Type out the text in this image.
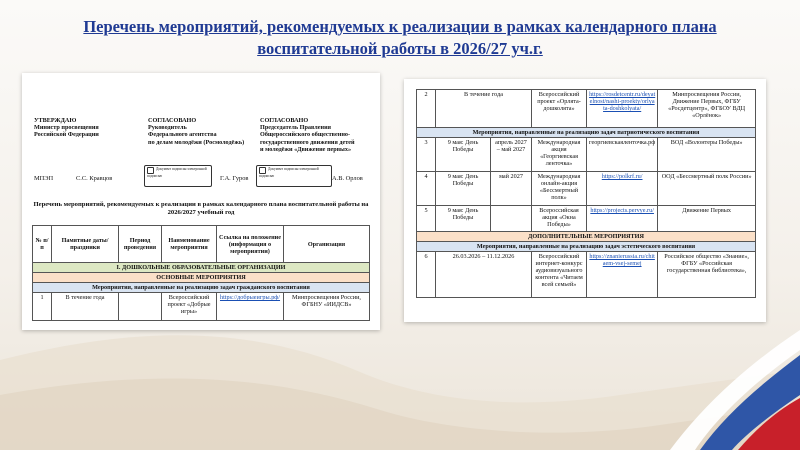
Перечень мероприятий, рекомендуемых к реализации в рамках календарного плана воспитательной работы в 2026/27 уч.г.
УТВЕРЖДАЮ
Министр просвещения
Российской Федерации
СОГЛАСОВАНО
Руководитель
Федерального агентства
по делам молодёжи (Росмолодёжь)
СОГЛАСОВАНО
Председатель Правления
Общероссийского общественно-
государственного движения детей
и молодёжи «Движение первых»
МПЭП	С.С. Кравцов
Документ подписан электронной подписью	Г.А. Гуров
Документ подписан электронной подписью	А.В. Орлов
Перечень мероприятий, рекомендуемых к реализации в рамках календарного плана воспитательной работы на 2026/2027 учебный год
№ п/п	Памятные даты/праздники	Период проведения	Наименование мероприятия	Ссылка на положение (информация о мероприятии)	Организация
I. ДОШКОЛЬНЫЕ ОБРАЗОВАТЕЛЬНЫЕ ОРГАНИЗАЦИИ					
ОСНОВНЫЕ МЕРОПРИЯТИЯ					
Мероприятия, направленные на реализацию задач гражданского воспитания					
1	В течение года		Всероссийский проект «Добрые игры»	https://добрыеигры.рф/	Минпросвещения России, ФГБНУ «ИИДСВ»
2	В течение года		Всероссийский проект «Орлята-дошколята»	https://rosdetcentr.ru/deyatelnost/nashi-proekty/orlyata-doshkolyata/	Минпросвещения России, Движение Первых, ФГБУ «Росдетцентр», ФГБОУ ВДЦ «Орлёнок»
Мероприятия, направленные на реализацию задач патриотического воспитания					
3	9 мая: День Победы	апрель 2027 – май 2027	Международная акция «Георгиевская ленточка»	георгиевскаяленточка.рф	ВОД «Волонтеры Победы»
4	9 мая: День Победы	май 2027	Международная онлайн-акция «Бессмертный полк»	https://polkrf.ru/	ООД «Бессмертный полк России»
5	9 мая: День Победы		Всероссийская акция «Окна Победы»	https://projects.pervye.ru/	Движение Первых
ДОПОЛНИТЕЛЬНЫЕ МЕРОПРИЯТИЯ					
Мероприятия, направленные на реализацию задач эстетического воспитания					
6	26.03.2026 – 11.12.2026		Всероссийский интернет-конкурс аудиовизуального контента «Читаем всей семьей»	https://znanierussia.ru/chitaem-vsej-semej	Российское общество «Знание», ФГБУ «Российская государственная библиотека»,
